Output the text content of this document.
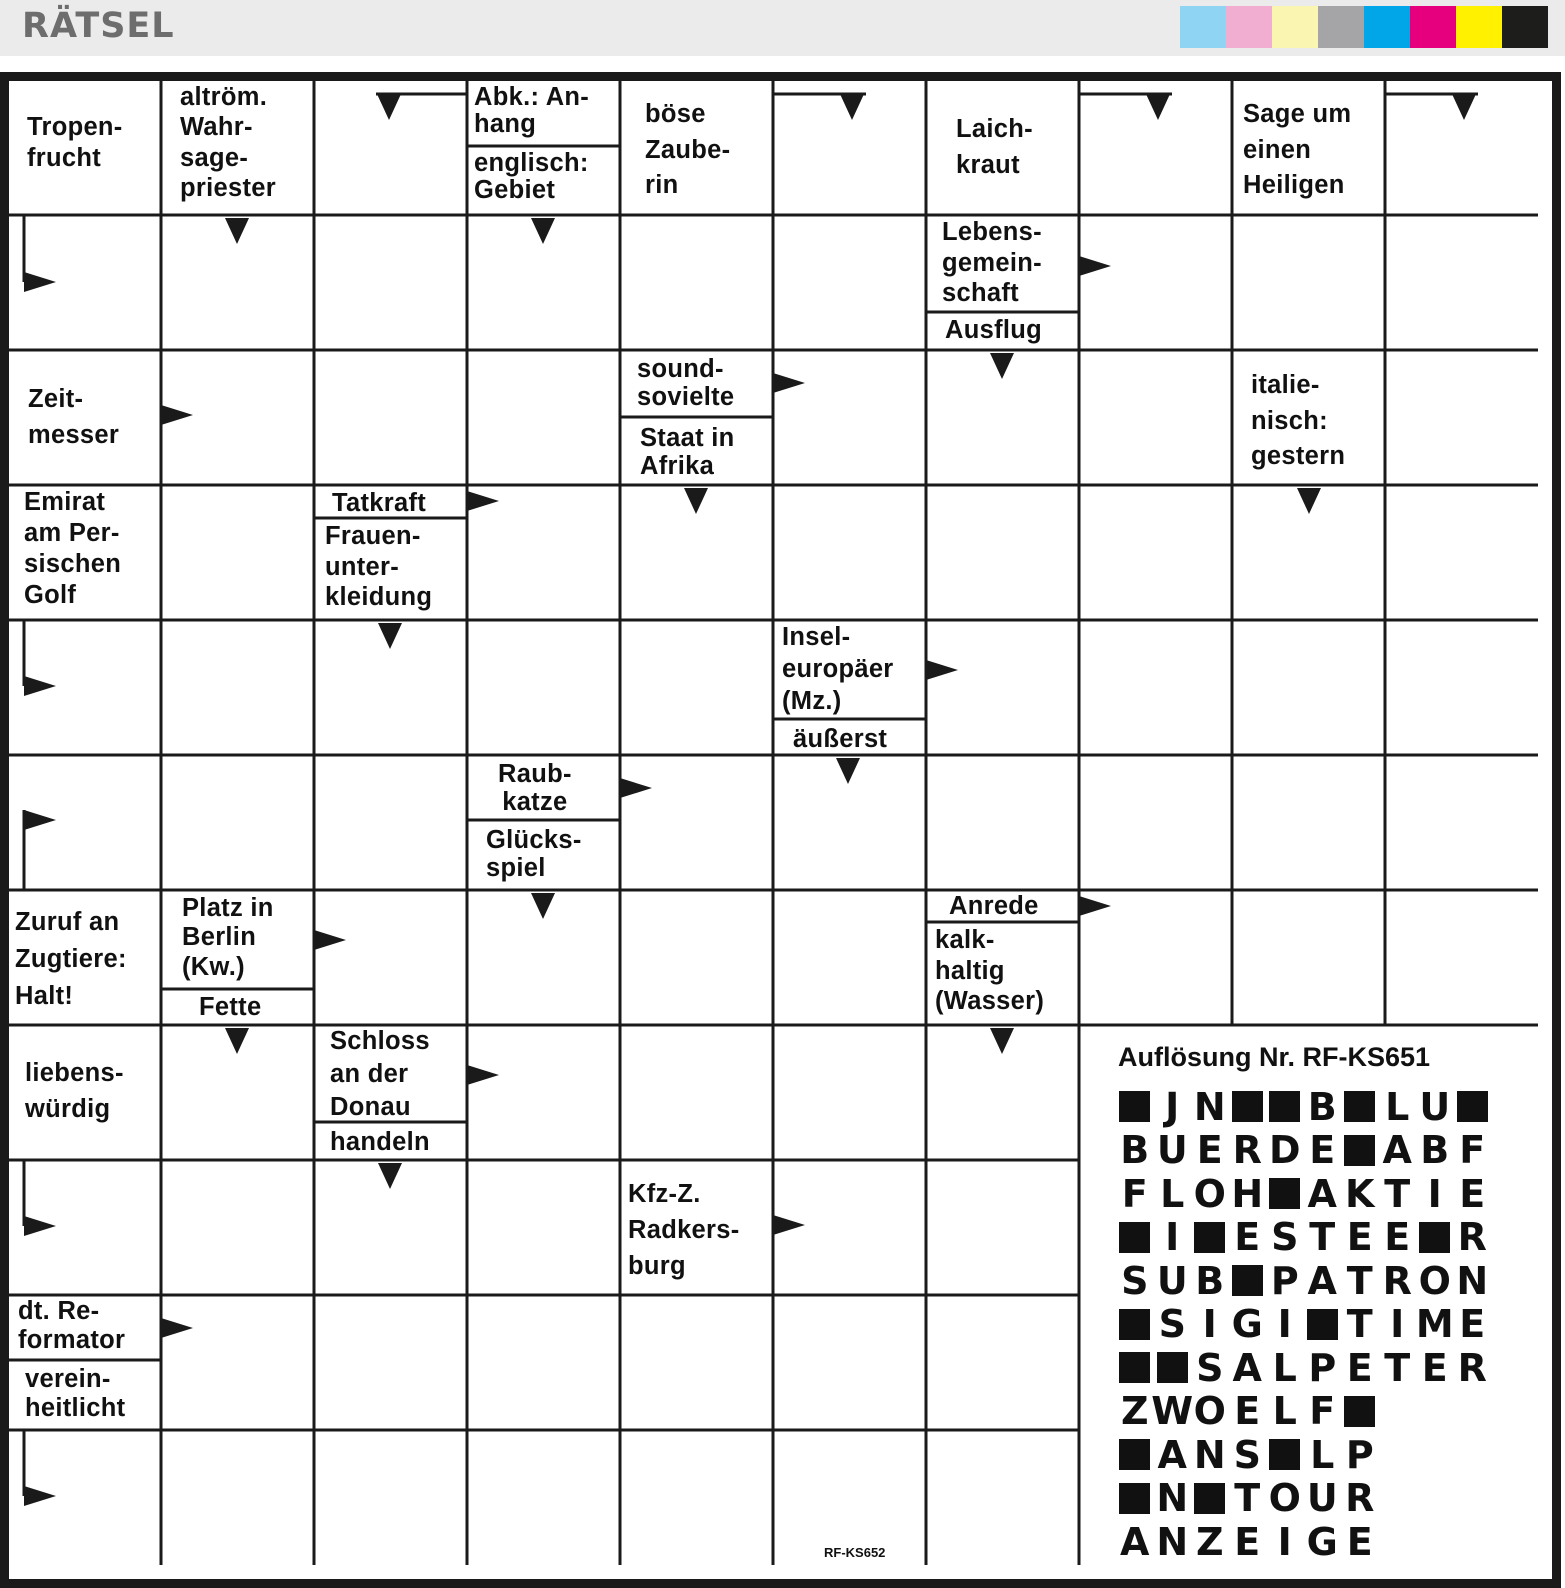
RÄTSEL
Tropen-
frucht
altröm.
Wahr-
sage-
priester
Abk.: An-
hang
englisch:
Gebiet
böse
Zaube-
rin
Laich-
kraut
Sage um
einen
Heiligen
Lebens-
gemein-
schaft
Ausflug
Zeit-
messer
sound-
sovielte
Staat in
Afrika
italie-
nisch:
gestern
Emirat
am Per-
sischen
Golf
Tatkraft
Frauen-
unter-
kleidung
Insel-
europäer
(Mz.)
äußerst
Raub-
katze
Glücks-
spiel
Zuruf an
Zugtiere:
Halt!
Platz in
Berlin
(Kw.)
Fette
Anrede
kalk-
haltig
(Wasser)
liebens-
würdig
Schloss
an der
Donau
handeln
Kfz-Z.
Radkers-
burg
dt. Re-
formator
verein-
heitlicht
Auflösung Nr. RF-KS651
J N B L U
B U E R D E A B F
F L O H A K T I E
I	E S T E E R
S U B P A T R O N
S I G I	T I M E
S A L P E T E R
Z W O E L F
A N S L P
N T O U R
A N Z E I G E
RF-KS652
